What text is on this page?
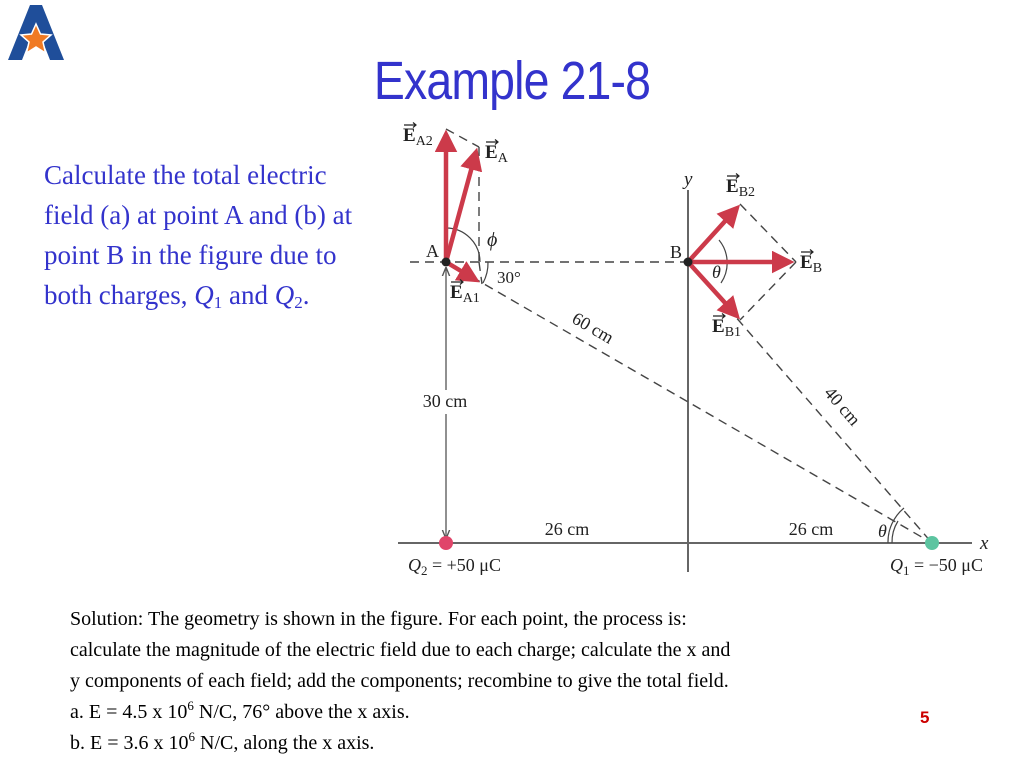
Example 21-8
Calculate the total electric field (a) at point A and (b) at point B in the figure due to both charges, $Q_1$ and $Q_2$.
y
x
30 cm
A	B
$E_{A2}$
$E_A$
$E_{A1}$
$E_{B2}$
$E_B$
$E_{B1}$
ϕ
30°	θ
θ
60 cm
40 cm
26 cm	26 cm
$Q_2 = +50$ μC	$Q_1 = -50$ μC
Solution: The geometry is shown in the figure. For each point, the process is:
calculate the magnitude of the electric field due to each charge; calculate the x and
y components of each field; add the components; recombine to give the total field.
a. E = 4.5 x $10^6$ N/C, 76° above the x axis.
b. E = 3.6 x $10^6$ N/C, along the x axis.
5
